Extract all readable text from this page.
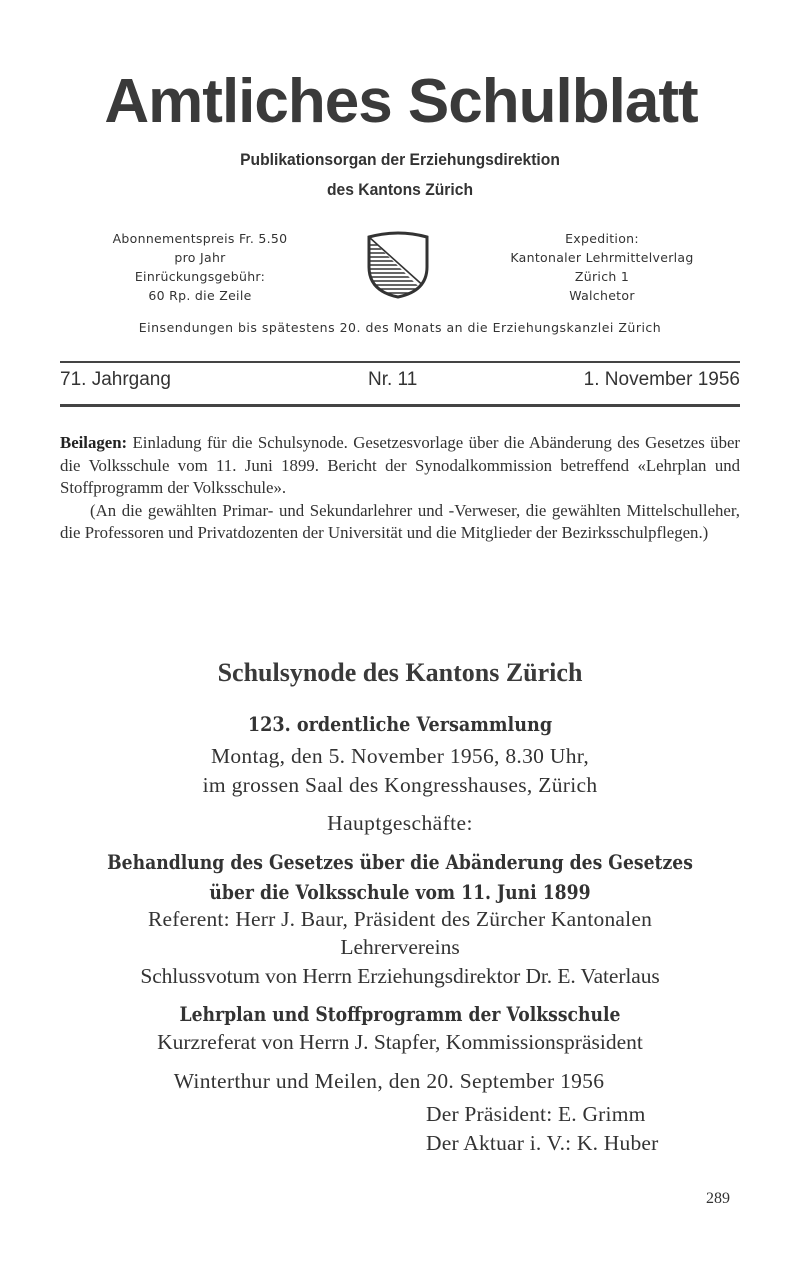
Amtliches Schulblatt
Publikationsorgan der Erziehungsdirektion
des Kantons Zürich
Abonnementspreis Fr. 5.50
pro Jahr
Einrückungsgebühr:
60 Rp. die Zeile
Expedition:
Kantonaler Lehrmittelverlag
Zürich 1
Walchetor
Einsendungen bis spätestens 20. des Monats an die Erziehungskanzlei Zürich
71. Jahrgang	Nr. 11	1. November 1956

Beilagen: Einladung für die Schulsynode. Gesetzesvorlage über die Abänderung des Gesetzes über die Volksschule vom 11. Juni 1899. Bericht der Synodalkommission betreffend «Lehrplan und Stoffprogramm der Volksschule».

(An die gewählten Primar- und Sekundarlehrer und -Verweser, die gewählten Mittelschulleher, die Professoren und Privatdozenten der Universität und die Mitglieder der Bezirksschulpflegen.)

Schulsynode des Kantons Zürich
123. ordentliche Versammlung
Montag, den 5. November 1956, 8.30 Uhr,
im grossen Saal des Kongresshauses, Zürich
Hauptgeschäfte:
Behandlung des Gesetzes über die Abänderung des Gesetzes
über die Volksschule vom 11. Juni 1899
Referent: Herr J. Baur, Präsident des Zürcher Kantonalen
Lehrervereins
Schlussvotum von Herrn Erziehungsdirektor Dr. E. Vaterlaus
Lehrplan und Stoffprogramm der Volksschule
Kurzreferat von Herrn J. Stapfer, Kommissionspräsident
Winterthur und Meilen, den 20. September 1956
Der Präsident: E. Grimm
Der Aktuar i. V.: K. Huber
289
